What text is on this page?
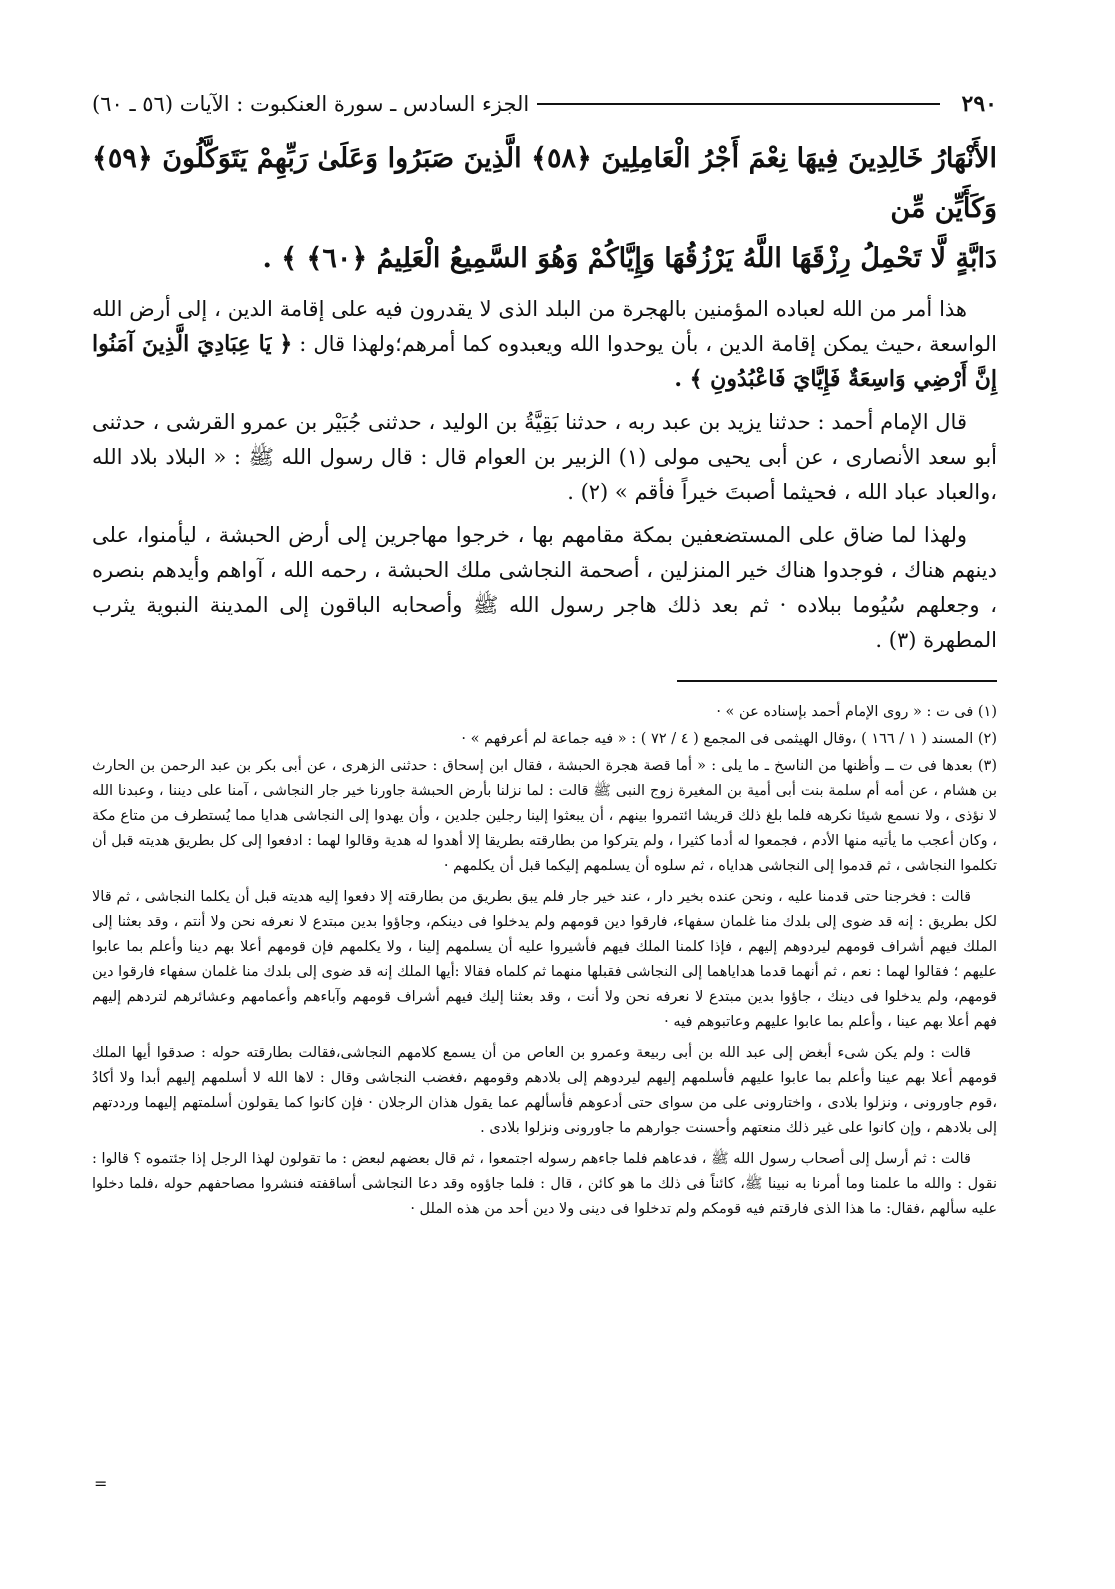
٢٩٠
الجزء السادس ـ سورة العنكبوت : الآيات (٥٦ ـ ٦٠)
الأَنْهَارُ خَالِدِينَ فِيهَا نِعْمَ أَجْرُ الْعَامِلِينَ ﴿٥٨﴾ الَّذِينَ صَبَرُوا وَعَلَىٰ رَبِّهِمْ يَتَوَكَّلُونَ ﴿٥٩﴾ وَكَأَيِّن مِّن
دَابَّةٍ لَّا تَحْمِلُ رِزْقَهَا اللَّهُ يَرْزُقُهَا وَإِيَّاكُمْ وَهُوَ السَّمِيعُ الْعَلِيمُ ﴿٦٠﴾ ﴾ .
هذا أمر من الله لعباده المؤمنين بالهجرة من البلد الذى لا يقدرون فيه على إقامة الدين ، إلى أرض الله الواسعة ،حيث يمكن إقامة الدين ، بأن يوحدوا الله ويعبدوه كما أمرهم؛ولهذا قال : ﴿ يَا عِبَادِيَ الَّذِينَ آمَنُوا إِنَّ أَرْضِي وَاسِعَةٌ فَإِيَّايَ فَاعْبُدُونِ ﴾ .
قال الإمام أحمد : حدثنا يزيد بن عبد ربه ، حدثنا بَقِيَّةُ بن الوليد ، حدثنى جُبَيْر بن عمرو القرشى ، حدثنى أبو سعد الأنصارى ، عن أبى يحيى مولى (١) الزبير بن العوام قال : قال رسول الله ﷺ : « البلاد بلاد الله ،والعباد عباد الله ، فحيثما أصبتَ خيراً فأقم » (٢) .
ولهذا لما ضاق على المستضعفين بمكة مقامهم بها ، خرجوا مهاجرين إلى أرض الحبشة ، ليأمنوا، على دينهم هناك ، فوجدوا هناك خير المنزلين ، أصحمة النجاشى ملك الحبشة ، رحمه الله ، آواهم وأيدهم بنصره ، وجعلهم سُيُوما ببلاده · ثم بعد ذلك هاجر رسول الله ﷺ وأصحابه الباقون إلى المدينة النبوية يثرب المطهرة (٣) .

(١) فى ت : « روى الإمام أحمد بإسناده عن » ·

(٢) المسند ( ١ / ١٦٦ ) ،وقال الهيثمى فى المجمع ( ٤ / ٧٢ ) : « فيه جماعة لم أعرفهم » ·

(٣) بعدها فى ت ــ وأظنها من الناسخ ـ ما يلى : « أما قصة هجرة الحبشة ، فقال ابن إسحاق : حدثنى الزهرى ، عن أبى بكر بن عبد الرحمن بن الحارث بن هشام ، عن أمه أم سلمة بنت أبى أمية بن المغيرة زوج النبى ﷺ قالت : لما نزلنا بأرض الحبشة جاورنا خير جار النجاشى ، آمنا على ديننا ، وعبدنا الله لا نؤذى ، ولا نسمع شيئا نكرهه فلما بلغ ذلك قريشا ائتمروا بينهم ، أن يبعثوا إلينا رجلين جلدين ، وأن يهدوا إلى النجاشى هدايا مما يُستطرف من متاع مكة ، وكان أعجب ما يأتيه منها الأدم ، فجمعوا له أدما كثيرا ، ولم يتركوا من بطارقته بطريقا إلا أهدوا له هدية وقالوا لهما : ادفعوا إلى كل بطريق هديته قبل أن تكلموا النجاشى ، ثم قدموا إلى النجاشى هداياه ، ثم سلوه أن يسلمهم إليكما قبل أن يكلمهم ·

قالت : فخرجنا حتى قدمنا عليه ، ونحن عنده بخير دار ، عند خير جار فلم يبق بطريق من بطارقته إلا دفعوا إليه هديته قبل أن يكلما النجاشى ، ثم قالا لكل بطريق : إنه قد ضوى إلى بلدك منا غلمان سفهاء، فارقوا دين قومهم ولم يدخلوا فى دينكم، وجاؤوا بدين مبتدع لا نعرفه نحن ولا أنتم ، وقد بعثنا إلى الملك فيهم أشراف قومهم ليردوهم إليهم ، فإذا كلمنا الملك فيهم فأشيروا عليه أن يسلمهم إلينا ، ولا يكلمهم فإن قومهم أعلا بهم دينا وأعلم بما عابوا عليهم ؛ فقالوا لهما : نعم ، ثم أنهما قدما هداياهما إلى النجاشى فقبلها منهما ثم كلماه فقالا :أيها الملك إنه قد ضوى إلى بلدك منا غلمان سفهاء فارقوا دين قومهم، ولم يدخلوا فى دينك ، جاؤوا بدين مبتدع لا نعرفه نحن ولا أنت ، وقد بعثنا إليك فيهم أشراف قومهم وآباءهم وأعمامهم وعشائرهم لتردهم إليهم فهم أعلا بهم عينا ، وأعلم بما عابوا عليهم وعاتبوهم فيه ·

قالت : ولم يكن شىء أبغض إلى عبد الله بن أبى ربيعة وعمرو بن العاص من أن يسمع كلامهم النجاشى،فقالت بطارقته حوله : صدقوا أيها الملك قومهم أعلا بهم عينا وأعلم بما عابوا عليهم فأسلمهم إليهم ليردوهم إلى بلادهم وقومهم ،فغضب النجاشى وقال : لاها الله لا أسلمهم إليهم أبدا ولا أكادُ ،قوم جاورونى ، ونزلوا بلادى ، واختارونى على من سواى حتى أدعوهم فأسألهم عما يقول هذان الرجلان · فإن كانوا كما يقولون أسلمتهم إليهما ورددتهم إلى بلادهم ، وإن كانوا على غير ذلك منعتهم وأحسنت جوارهم ما جاورونى ونزلوا بلادى .

قالت : ثم أرسل إلى أصحاب رسول الله ﷺ ، فدعاهم فلما جاءهم رسوله اجتمعوا ، ثم قال بعضهم لبعض : ما تقولون لهذا الرجل إذا جئتموه ؟ قالوا : نقول : والله ما علمنا وما أمرنا به نبينا ﷺ، كائناً فى ذلك ما هو كائن ، قال : فلما جاؤوه وقد دعا النجاشى أساقفته فنشروا مصاحفهم حوله ،فلما دخلوا عليه سألهم ،فقال: ما هذا الذى فارقتم فيه قومكم ولم تدخلوا فى دينى ولا دين أحد من هذه الملل ·

=
